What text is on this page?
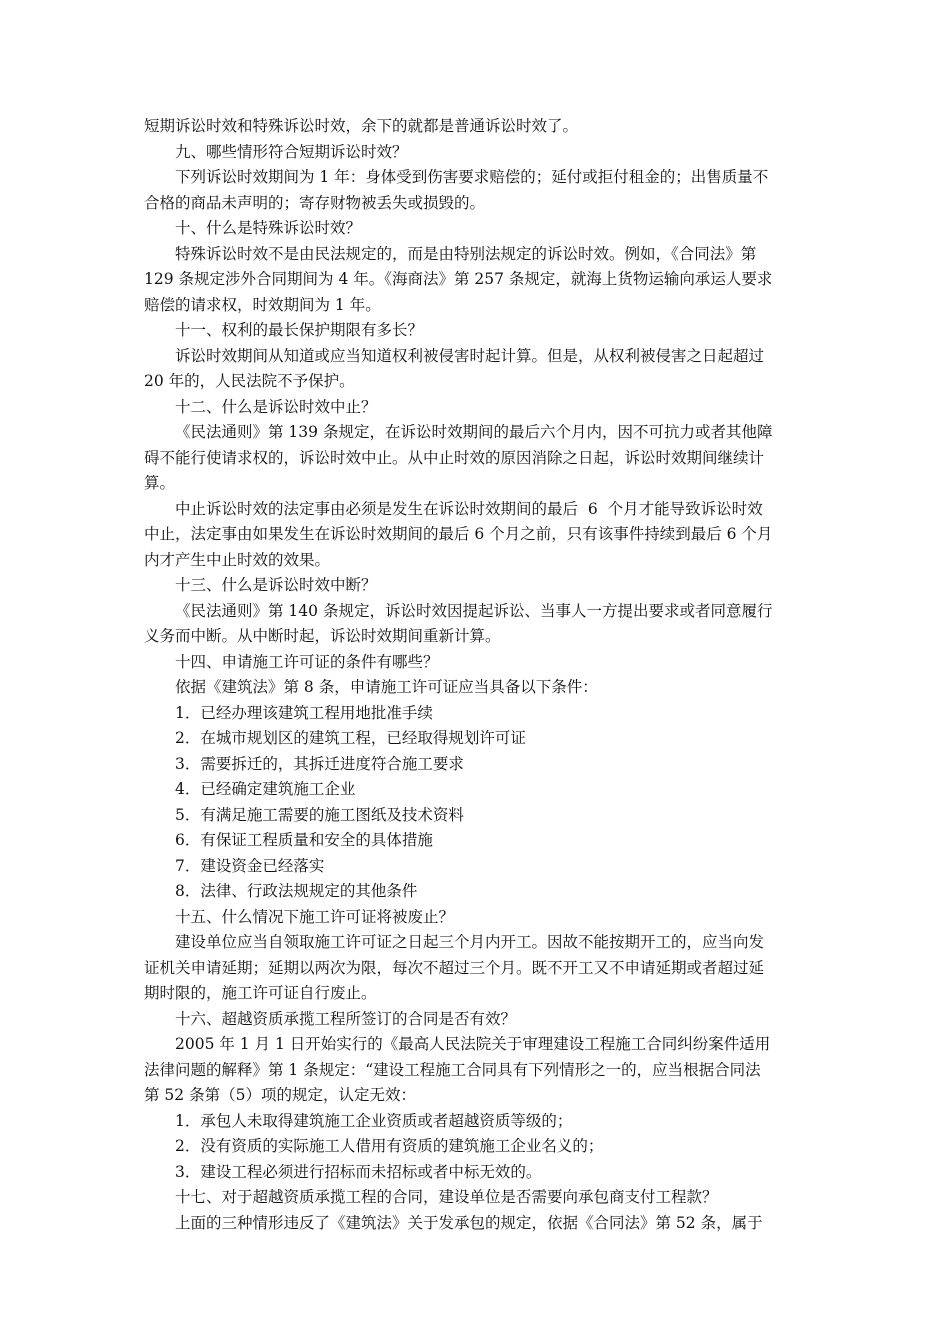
短期诉讼时效和特殊诉讼时效，余下的就都是普通诉讼时效了。
九、哪些情形符合短期诉讼时效？
下列诉讼时效期间为 1 年：身体受到伤害要求赔偿的；延付或拒付租金的；出售质量不
合格的商品未声明的；寄存财物被丢失或损毁的。
十、什么是特殊诉讼时效？
特殊诉讼时效不是由民法规定的，而是由特别法规定的诉讼时效。例如，《合同法》第
129 条规定涉外合同期间为 4 年。《海商法》第 257 条规定，就海上货物运输向承运人要求
赔偿的请求权，时效期间为 1 年。
十一、权利的最长保护期限有多长？
诉讼时效期间从知道或应当知道权利被侵害时起计算。但是，从权利被侵害之日起超过
20 年的，人民法院不予保护。
十二、什么是诉讼时效中止？
《民法通则》第 139 条规定，在诉讼时效期间的最后六个月内，因不可抗力或者其他障
碍不能行使请求权的，诉讼时效中止。从中止时效的原因消除之日起，诉讼时效期间继续计
算。
中止诉讼时效的法定事由必须是发生在诉讼时效期间的最后  6  个月才能导致诉讼时效
中止，法定事由如果发生在诉讼时效期间的最后 6 个月之前，只有该事件持续到最后 6 个月
内才产生中止时效的效果。
十三、什么是诉讼时效中断？
《民法通则》第 140 条规定，诉讼时效因提起诉讼、当事人一方提出要求或者同意履行
义务而中断。从中断时起，诉讼时效期间重新计算。
十四、申请施工许可证的条件有哪些？
依据《建筑法》第 8 条，申请施工许可证应当具备以下条件：
1．已经办理该建筑工程用地批准手续
2．在城市规划区的建筑工程，已经取得规划许可证
3．需要拆迁的，其拆迁进度符合施工要求
4．已经确定建筑施工企业
5．有满足施工需要的施工图纸及技术资料
6．有保证工程质量和安全的具体措施
7．建设资金已经落实
8．法律、行政法规规定的其他条件
十五、什么情况下施工许可证将被废止？
建设单位应当自领取施工许可证之日起三个月内开工。因故不能按期开工的，应当向发
证机关申请延期；延期以两次为限，每次不超过三个月。既不开工又不申请延期或者超过延
期时限的，施工许可证自行废止。
十六、超越资质承揽工程所签订的合同是否有效？
2005 年 1 月 1 日开始实行的《最高人民法院关于审理建设工程施工合同纠纷案件适用
法律问题的解释》第 1 条规定：“建设工程施工合同具有下列情形之一的，应当根据合同法
第 52 条第（5）项的规定，认定无效：
1．承包人未取得建筑施工企业资质或者超越资质等级的；
2．没有资质的实际施工人借用有资质的建筑施工企业名义的；
3．建设工程必须进行招标而未招标或者中标无效的。
十七、对于超越资质承揽工程的合同，建设单位是否需要向承包商支付工程款？
上面的三种情形违反了《建筑法》关于发承包的规定，依据《合同法》第 52 条，属于
